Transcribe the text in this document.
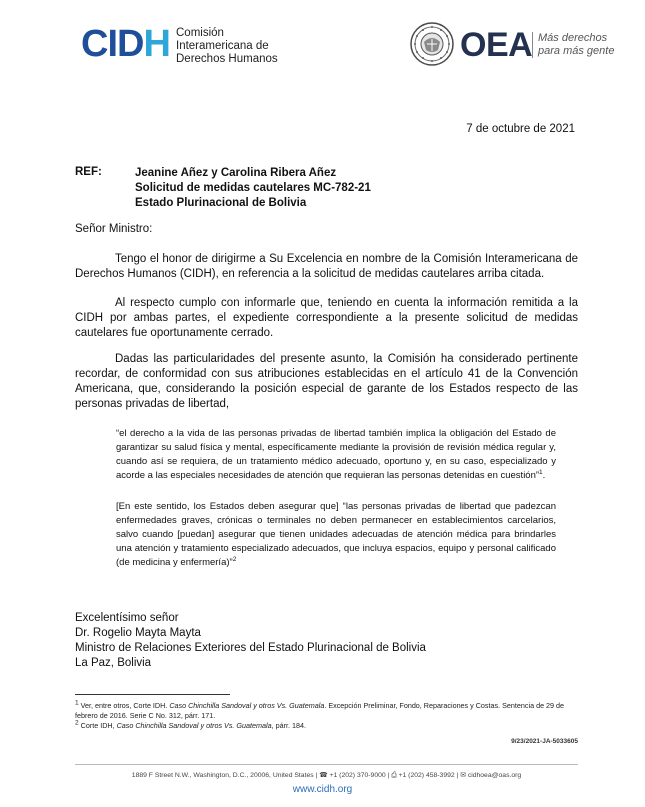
CIDH Comisión
Interamericana de
Derechos Humanos	OEA Más derechos
para más gente
7 de octubre de 2021
REF:	Jeanine Añez y Carolina Ribera Añez
Solicitud de medidas cautelares MC-782-21
Estado Plurinacional de Bolivia
Señor Ministro:
Tengo el honor de dirigirme a Su Excelencia en nombre de la Comisión Interamericana de Derechos Humanos (CIDH), en referencia a la solicitud de medidas cautelares arriba citada.
Al respecto cumplo con informarle que, teniendo en cuenta la información remitida a la CIDH por ambas partes, el expediente correspondiente a la presente solicitud de medidas cautelares fue oportunamente cerrado.
Dadas las particularidades del presente asunto, la Comisión ha considerado pertinente recordar, de conformidad con sus atribuciones establecidas en el artículo 41 de la Convención Americana, que, considerando la posición especial de garante de los Estados respecto de las personas privadas de libertad,
“el derecho a la vida de las personas privadas de libertad también implica la obligación del Estado de garantizar su salud física y mental, específicamente mediante la provisión de revisión médica regular y, cuando así se requiera, de un tratamiento médico adecuado, oportuno y, en su caso, especializado y acorde a las especiales necesidades de atención que requieran las personas detenidas en cuestión”$^1$.
[En este sentido, los Estados deben asegurar que] “las personas privadas de libertad que padezcan enfermedades graves, crónicas o terminales no deben permanecer en establecimientos carcelarios, salvo cuando [puedan] asegurar que tienen unidades adecuadas de atención médica para brindarles una atención y tratamiento especializado adecuados, que incluya espacios, equipo y personal calificado (de medicina y enfermería)”$^2$
Excelentísimo señor
Dr. Rogelio Mayta Mayta
Ministro de Relaciones Exteriores del Estado Plurinacional de Bolivia
La Paz, Bolivia
$^1$ Ver, entre otros, Corte IDH. Caso Chinchilla Sandoval y otros Vs. Guatemala. Excepción Preliminar, Fondo, Reparaciones y Costas. Sentencia de 29 de febrero de 2016. Serie C No. 312, párr. 171.
$^2$ Corte IDH, Caso Chinchilla Sandoval y otros Vs. Guatemala, párr. 184.
9/23/2021-JA-5033605
1889 F Street N.W., Washington, D.C., 20006, United States | ☎ +1 (202) 370-9000 | ⎙ +1 (202) 458-3992 | ✉ cidhoea@oas.org
www.cidh.org
